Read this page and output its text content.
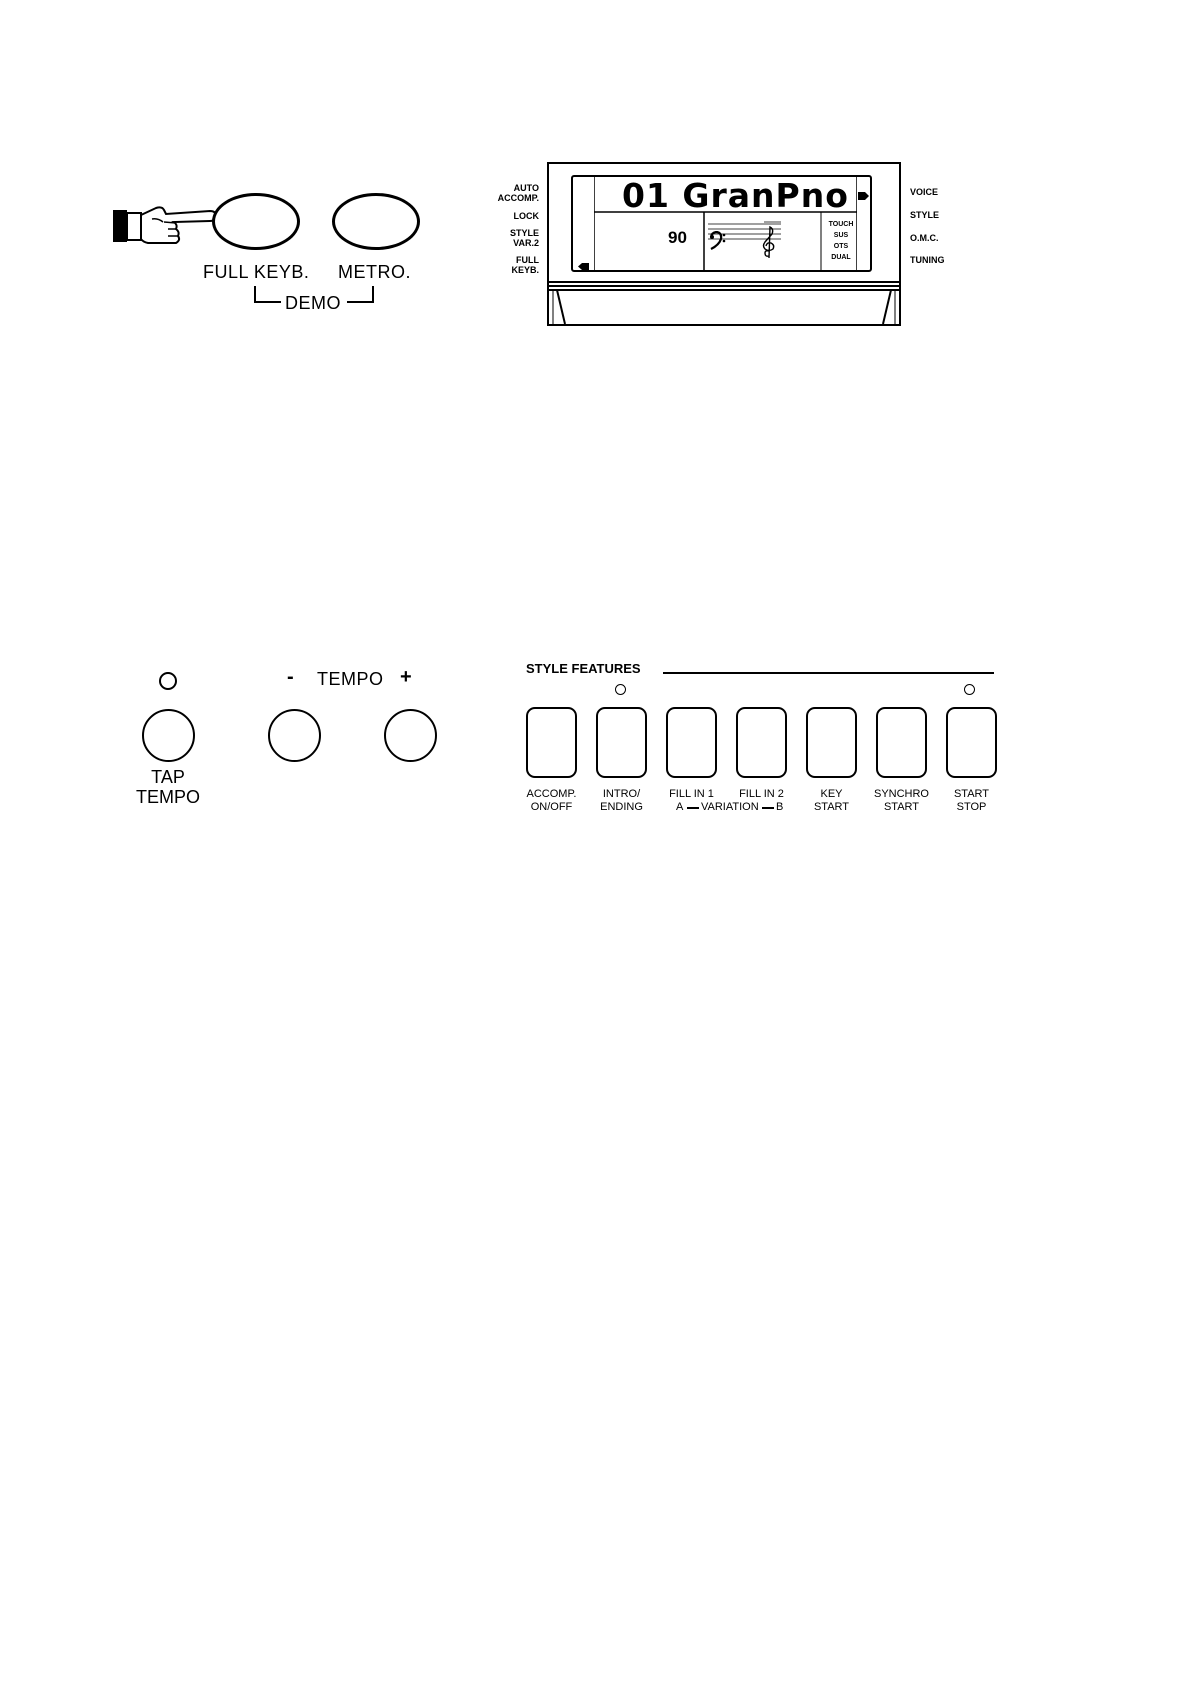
FULL KEYB. METRO.
DEMO
AUTO
ACCOMP.
LOCK
STYLE
VAR.2
FULL
KEYB.
01 GranPno
90
TOUCH
SUS
OTS
DUAL
VOICE
STYLE
O.M.C.
TUNING
TAP
TEMPO
- TEMPO +	STYLE FEATURES
ACCOMP.
ON/OFF
INTRO/
ENDING
FILL IN 1	FILL IN 2	KEY
START
SYNCHRO
START
START
STOP
A VARIATION B
